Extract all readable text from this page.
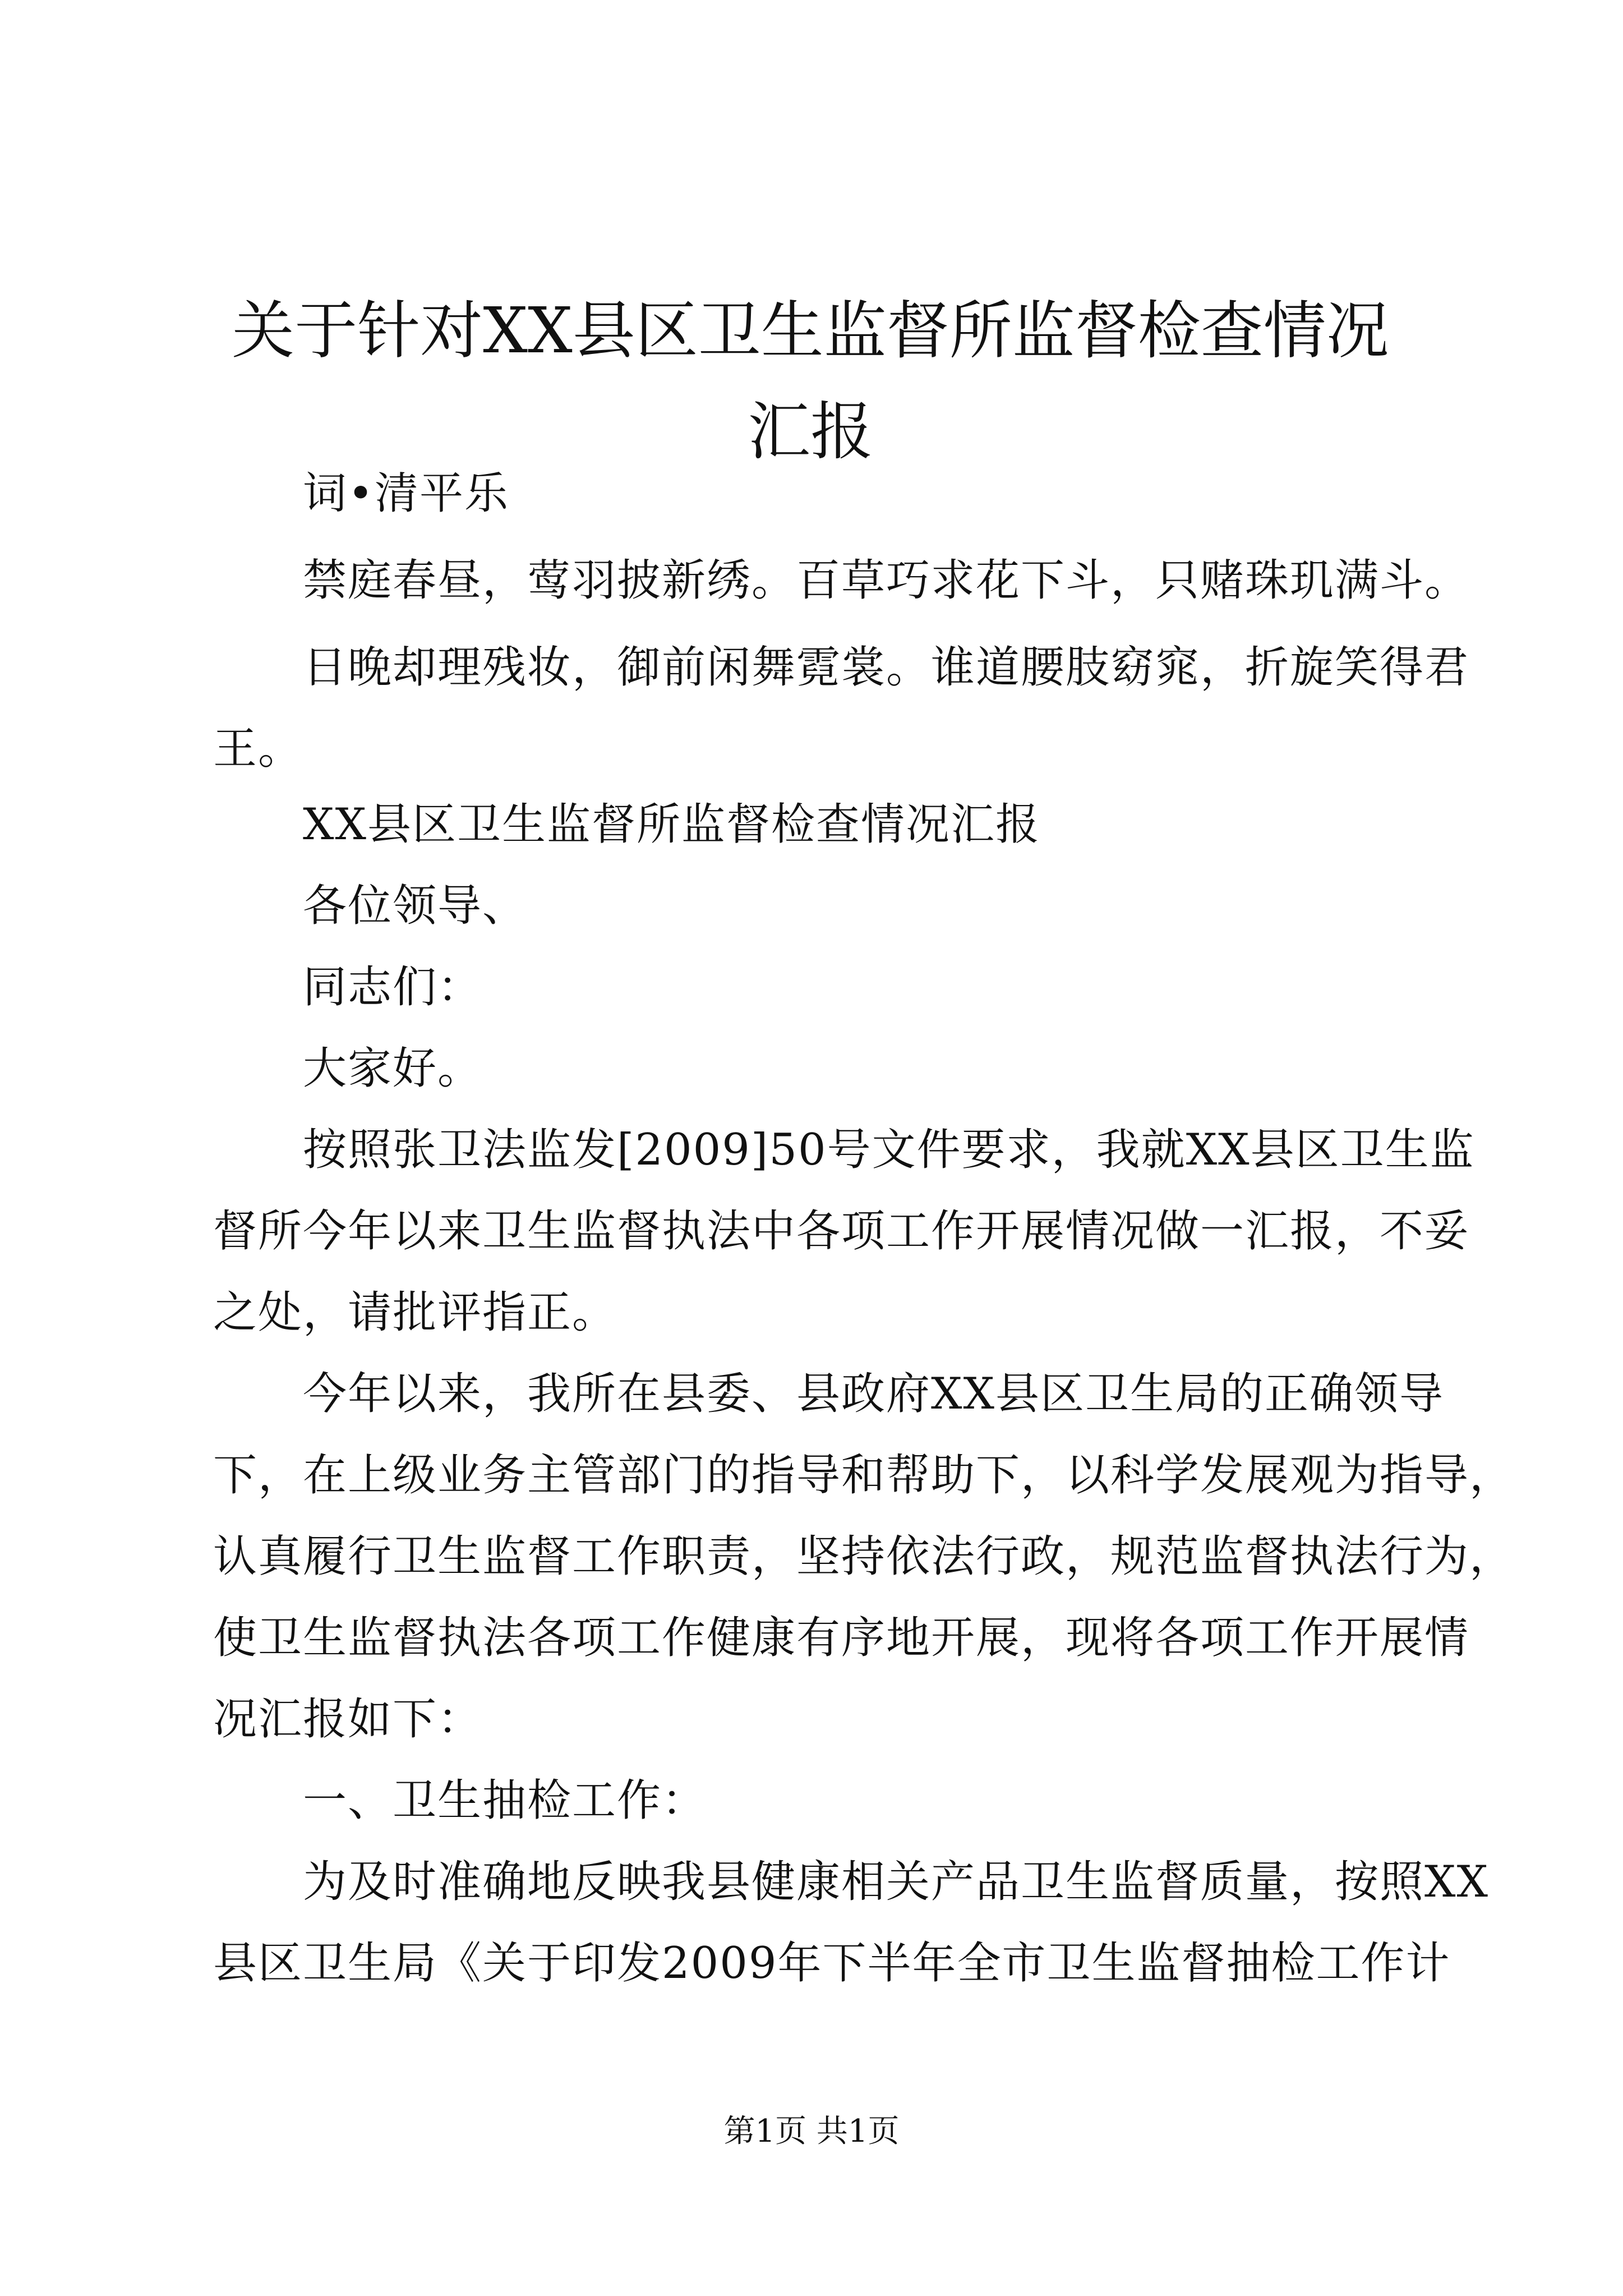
关于针对XX县区卫生监督所监督检查情况汇报
词•清平乐
禁庭春昼，莺羽披新绣。百草巧求花下斗，只赌珠玑满斗。
日晚却理残妆，御前闲舞霓裳。谁道腰肢窈窕，折旋笑得君
王。
XX县区卫生监督所监督检查情况汇报
各位领导、
同志们：
大家好。
按照张卫法监发[2009]50号文件要求，我就XX县区卫生监
督所今年以来卫生监督执法中各项工作开展情况做一汇报，不妥
之处，请批评指正。
今年以来，我所在县委、县政府XX县区卫生局的正确领导
下，在上级业务主管部门的指导和帮助下，以科学发展观为指导，
认真履行卫生监督工作职责，坚持依法行政，规范监督执法行为，
使卫生监督执法各项工作健康有序地开展，现将各项工作开展情
况汇报如下：
一、卫生抽检工作：
为及时准确地反映我县健康相关产品卫生监督质量，按照XX
县区卫生局《关于印发2009年下半年全市卫生监督抽检工作计
第1页 共1页
